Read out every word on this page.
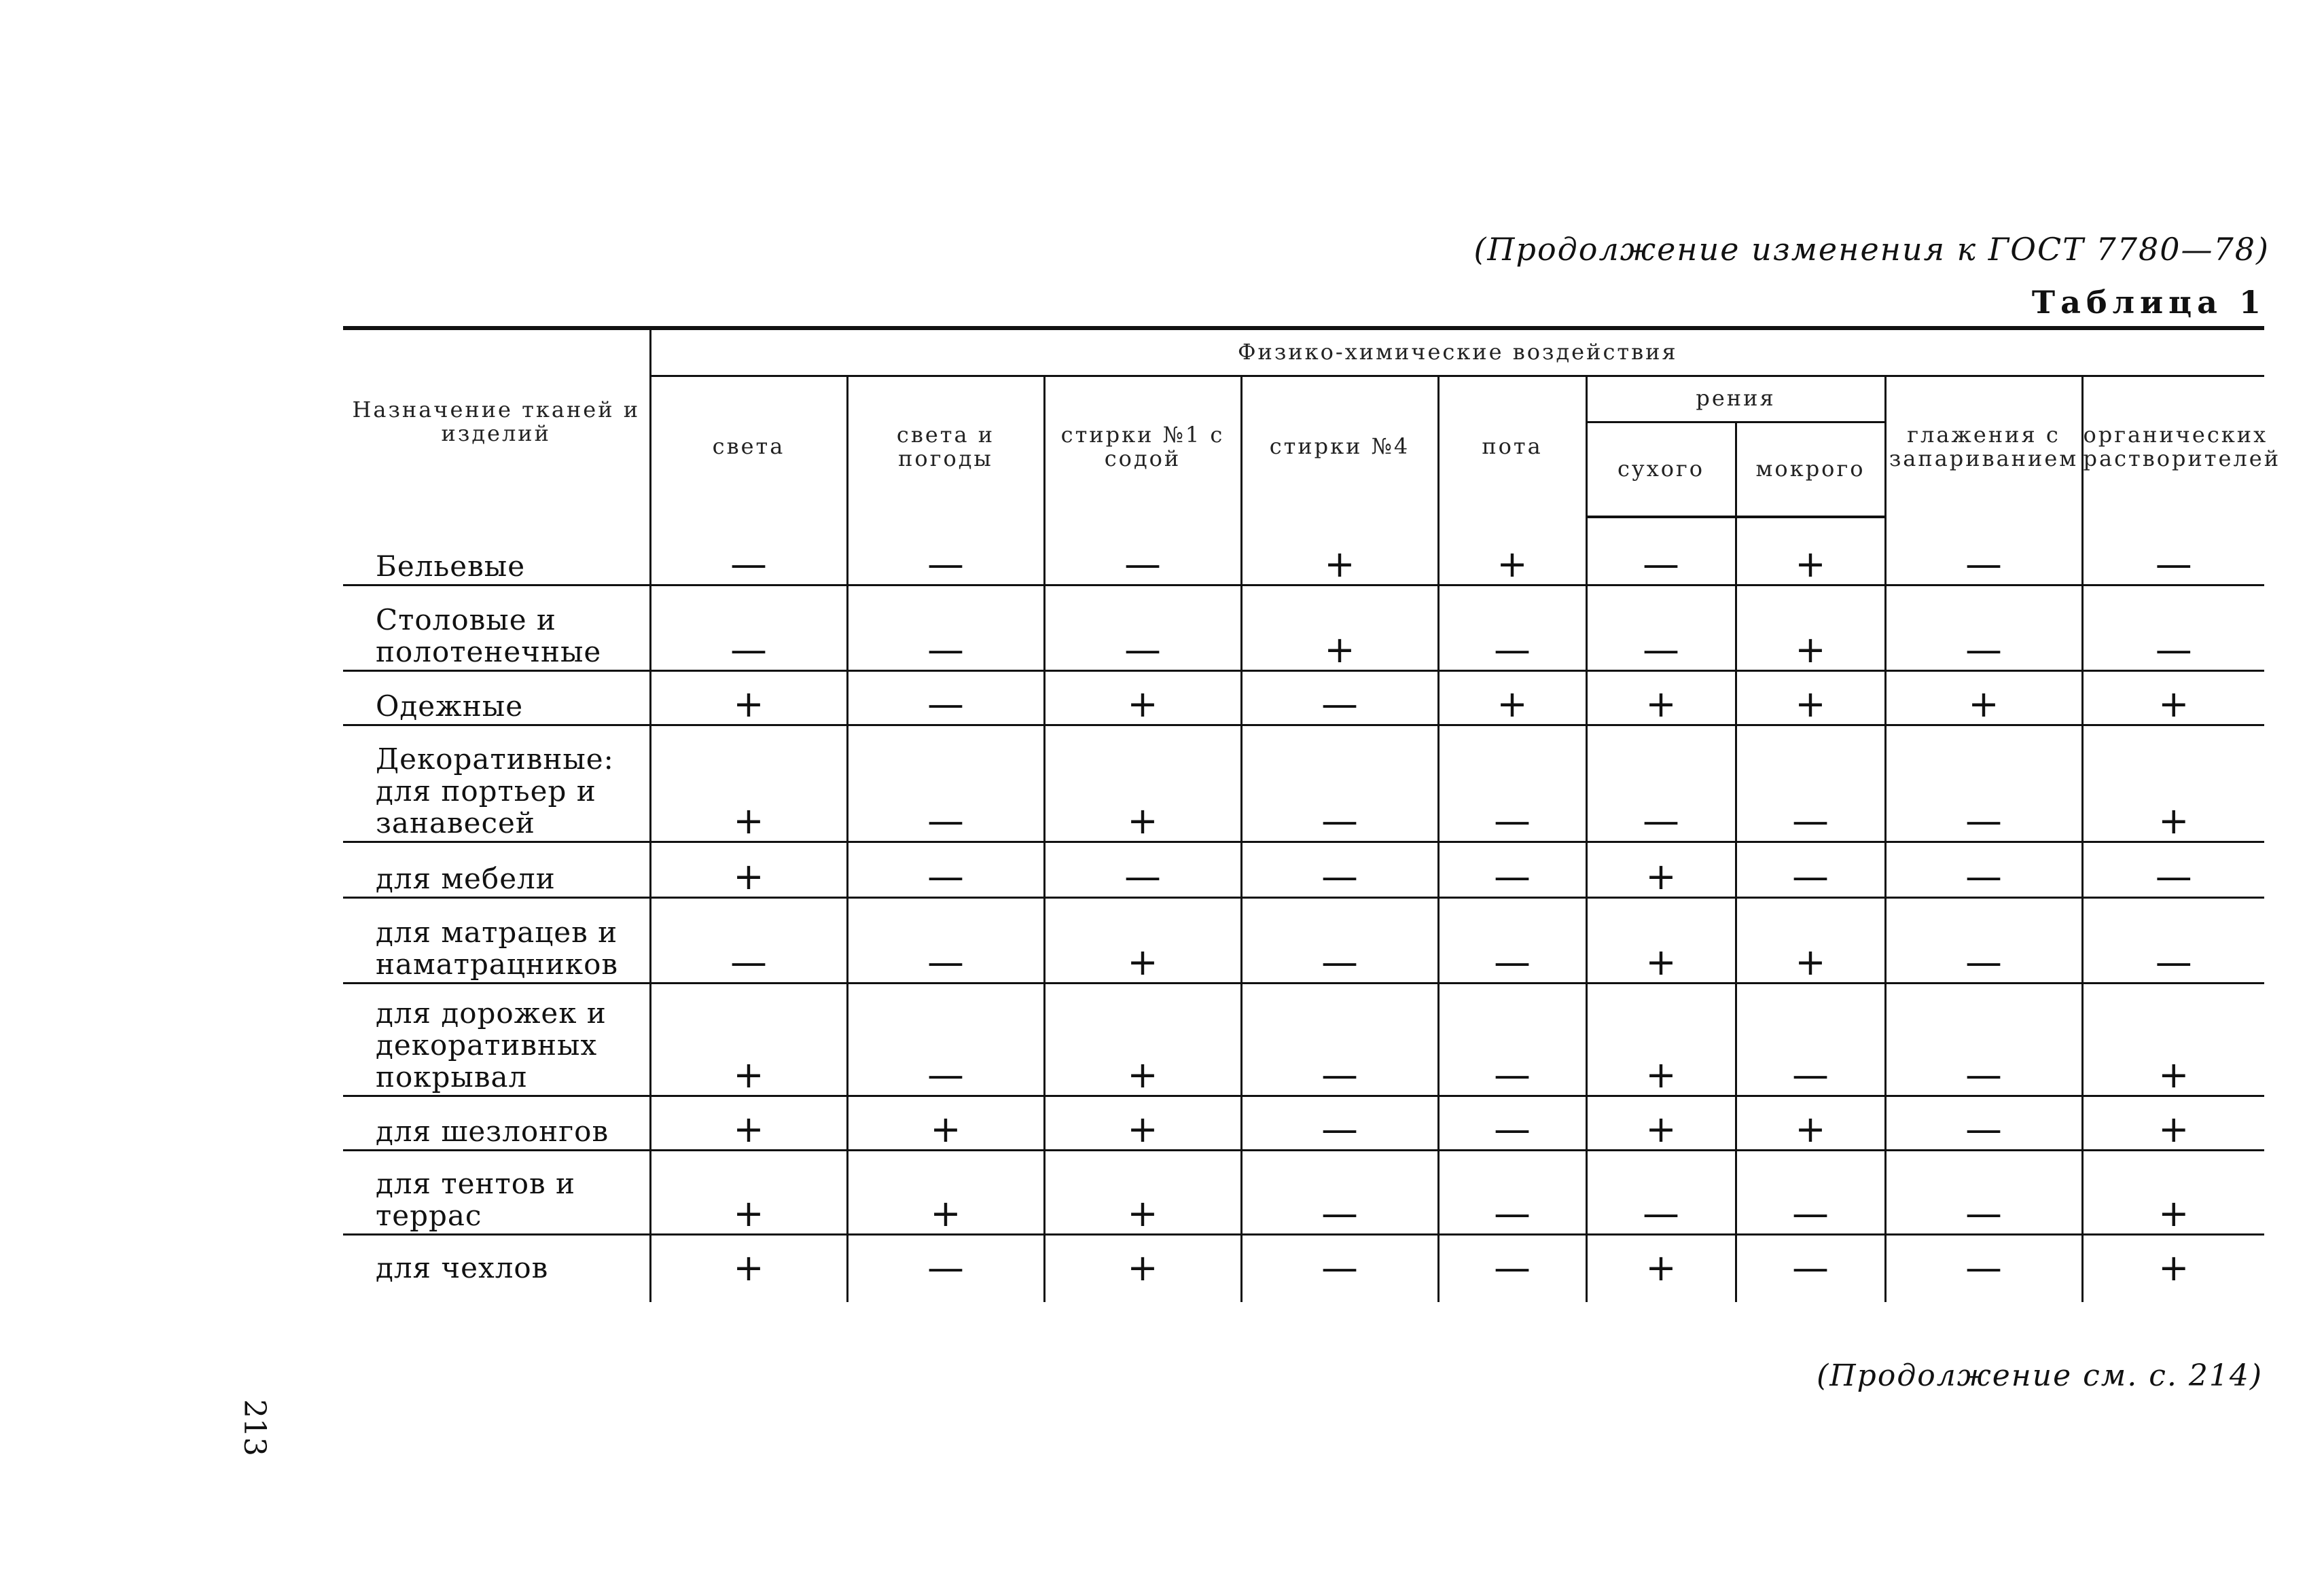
(Продолжение изменения к ГОСТ 7780—78)
Таблица 1
Назначение тканей и изделий	Физико-химические воздействия								
	света	света и погоды	стирки №1 с содой	стирки №4	пота	рения		глажения с запариванием	органических растворителей
						сухого	мокрого		
Бельевые	—	—	—	+	+	—	+	—	—
Столовые и полотенечные	—	—	—	+	—	—	+	—	—
Одежные	+	—	+	—	+	+	+	+	+
Декоративные: для портьер и занавесей	+	—	+	—	—	—	—	—	+
для мебели	+	—	—	—	—	+	—	—	—
для матрацев и наматрацников	—	—	+	—	—	+	+	—	—
для дорожек и декоративных покрывал	+	—	+	—	—	+	—	—	+
для шезлонгов	+	+	+	—	—	+	+	—	+
для тентов и террас	+	+	+	—	—	—	—	—	+
для чехлов	+	—	+	—	—	+	—	—	+
(Продолжение см. с. 214)
213
